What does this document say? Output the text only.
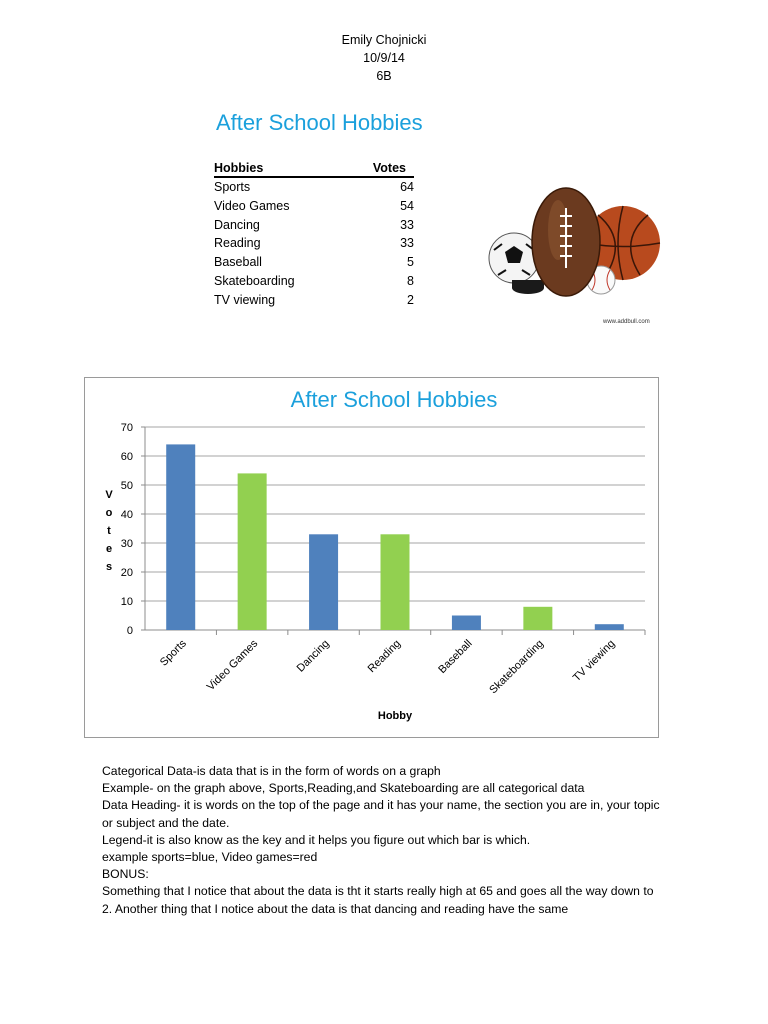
Emily Chojnicki
10/9/14
6B
After School Hobbies
Hobbies	Votes
Sports	64
Video Games	54
Dancing	33
Reading	33
Baseball	5
Skateboarding	8
TV viewing	2
www.addbull.com
After School Hobbies
V
o
t
e
s
0
10
20
30
40
50
60
70
Sports Video Games	Dancing	Reading	Baseball Skateboarding TV viewing
Hobby

Categorical Data-is data that is in the form of words on a graph

Example- on the graph above, Sports,Reading,and Skateboarding are all categorical data

Data Heading- it is words on the top of the page and it has your name, the section you are in, your topic or subject and the date.

Legend-it is also know as the key and it helps you figure out which bar is which.

example sports=blue, Video games=red

BONUS:

Something that I notice that about the data is tht it starts really high at 65 and goes all the way down to 2. Another thing that I notice about the data is that dancing and reading have the same
